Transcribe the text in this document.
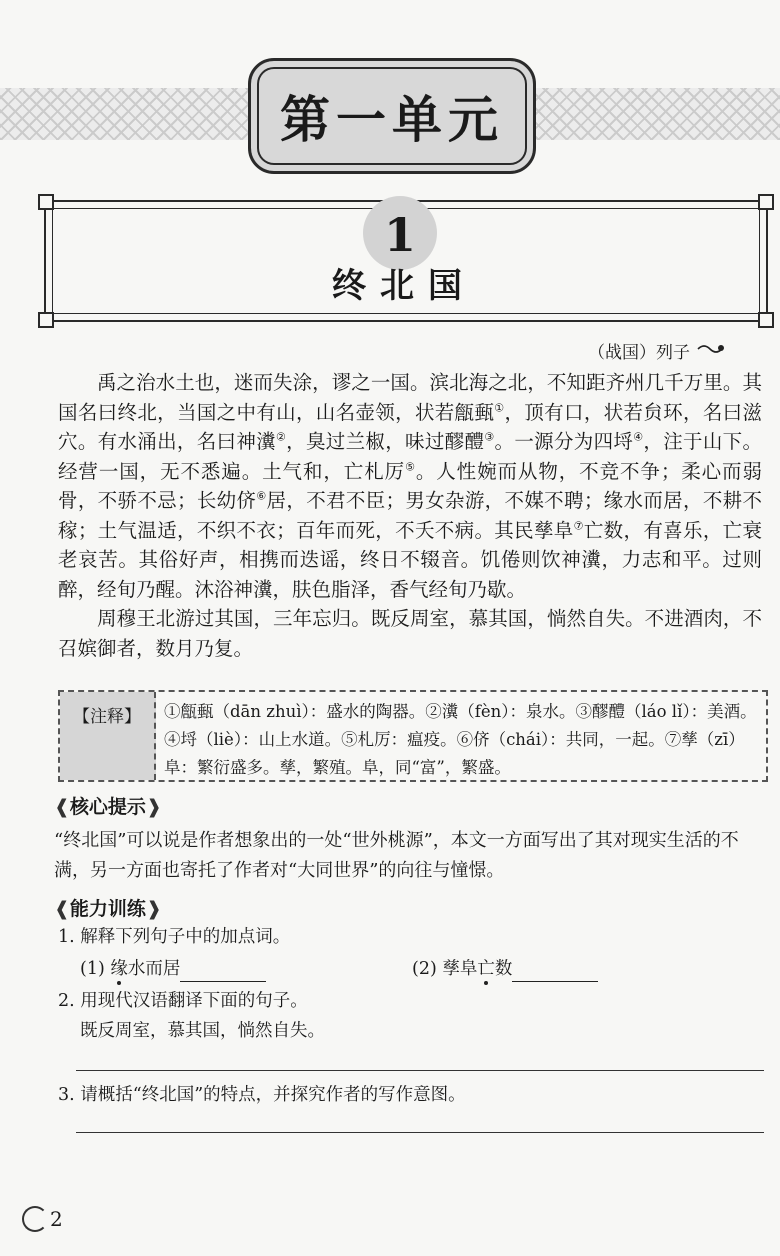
第一单元
1
终北国
（战国）列子

禹之治水土也，迷而失涂，谬之一国。滨北海之北，不知距齐州几千万里。其国名曰终北，当国之中有山，山名壶领，状若甔甀①，顶有口，状若贠环，名曰滋穴。有水涌出，名曰神瀵②，臭过兰椒，味过醪醴③。一源分为四埒④，注于山下。经营一国，无不悉遍。土气和，亡札厉⑤。人性婉而从物，不竞不争；柔心而弱骨，不骄不忌；长幼侪⑥居，不君不臣；男女杂游，不媒不聘；缘水而居，不耕不稼；土气温适，不织不衣；百年而死，不夭不病。其民孳阜⑦亡数，有喜乐，亡衰老哀苦。其俗好声，相携而迭谣，终日不辍音。饥倦则饮神瀵，力志和平。过则醉，经旬乃醒。沐浴神瀵，肤色脂泽，香气经旬乃歇。

周穆王北游过其国，三年忘归。既反周室，慕其国，惝然自失。不进酒肉，不召嫔御者，数月乃复。

【注释】	①甔甀（dān zhuì）：盛水的陶器。②瀵（fèn）：泉水。③醪醴（láo lǐ）：美酒。④埒（liè）：山上水道。⑤札厉：瘟疫。⑥侪（chái）：共同，一起。⑦孳（zī）阜：繁衍盛多。孳，繁殖。阜，同“富”，繁盛。
❰核心提示❱
“终北国”可以说是作者想象出的一处“世外桃源”，本文一方面写出了其对现实生活的不满，另一方面也寄托了作者对“大同世界”的向往与憧憬。
❰能力训练❱
1. 解释下列句子中的加点词。
(1) 缘水而居	(2) 孳阜亡数
2. 用现代汉语翻译下面的句子。
既反周室，慕其国，惝然自失。
3. 请概括“终北国”的特点，并探究作者的写作意图。
2
